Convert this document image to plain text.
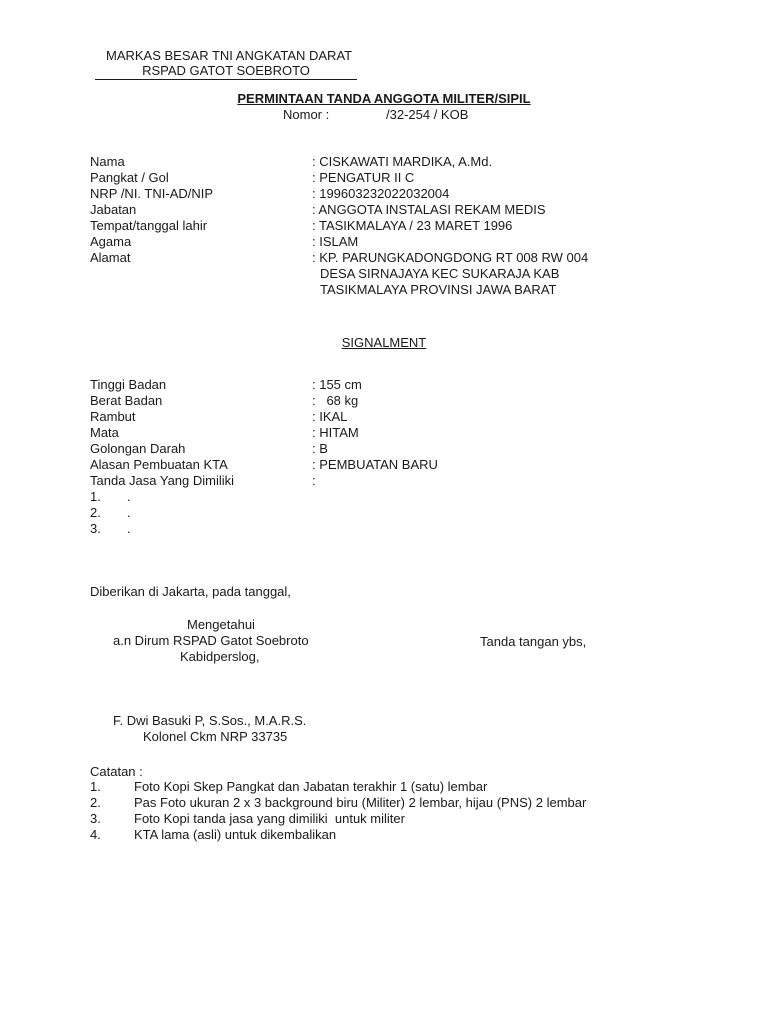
MARKAS BESAR TNI ANGKATAN DARAT
RSPAD GATOT SOEBROTO
PERMINTAAN TANDA ANGGOTA MILITER/SIPIL
Nomor :	/32-254 / KOB
Nama	: CISKAWATI MARDIKA, A.Md.
Pangkat / Gol	: PENGATUR II C
NRP /NI. TNI-AD/NIP	: 199603232022032004
Jabatan	: ANGGOTA INSTALASI REKAM MEDIS
Tempat/tanggal lahir	: TASIKMALAYA / 23 MARET 1996
Agama	: ISLAM
Alamat	: KP. PARUNGKADONGDONG RT 008 RW 004
DESA SIRNAJAYA KEC SUKARAJA KAB
TASIKMALAYA PROVINSI JAWA BARAT
SIGNALMENT
Tinggi Badan	: 155 cm
Berat Badan	:   68 kg
Rambut	: IKAL
Mata	: HITAM
Golongan Darah	: B
Alasan Pembuatan KTA	: PEMBUATAN BARU
Tanda Jasa Yang Dimiliki	:
1. .
2. .
3. .
Diberikan di Jakarta, pada tanggal,
Mengetahui
a.n Dirum RSPAD Gatot Soebroto
Kabidperslog,
Tanda tangan ybs,
F. Dwi Basuki P, S.Sos., M.A.R.S.
Kolonel Ckm NRP 33735
Catatan :
1.	Foto Kopi Skep Pangkat dan Jabatan terakhir 1 (satu) lembar
2.	Pas Foto ukuran 2 x 3 background biru (Militer) 2 lembar, hijau (PNS) 2 lembar
3.	Foto Kopi tanda jasa yang dimiliki  untuk militer
4.	KTA lama (asli) untuk dikembalikan
